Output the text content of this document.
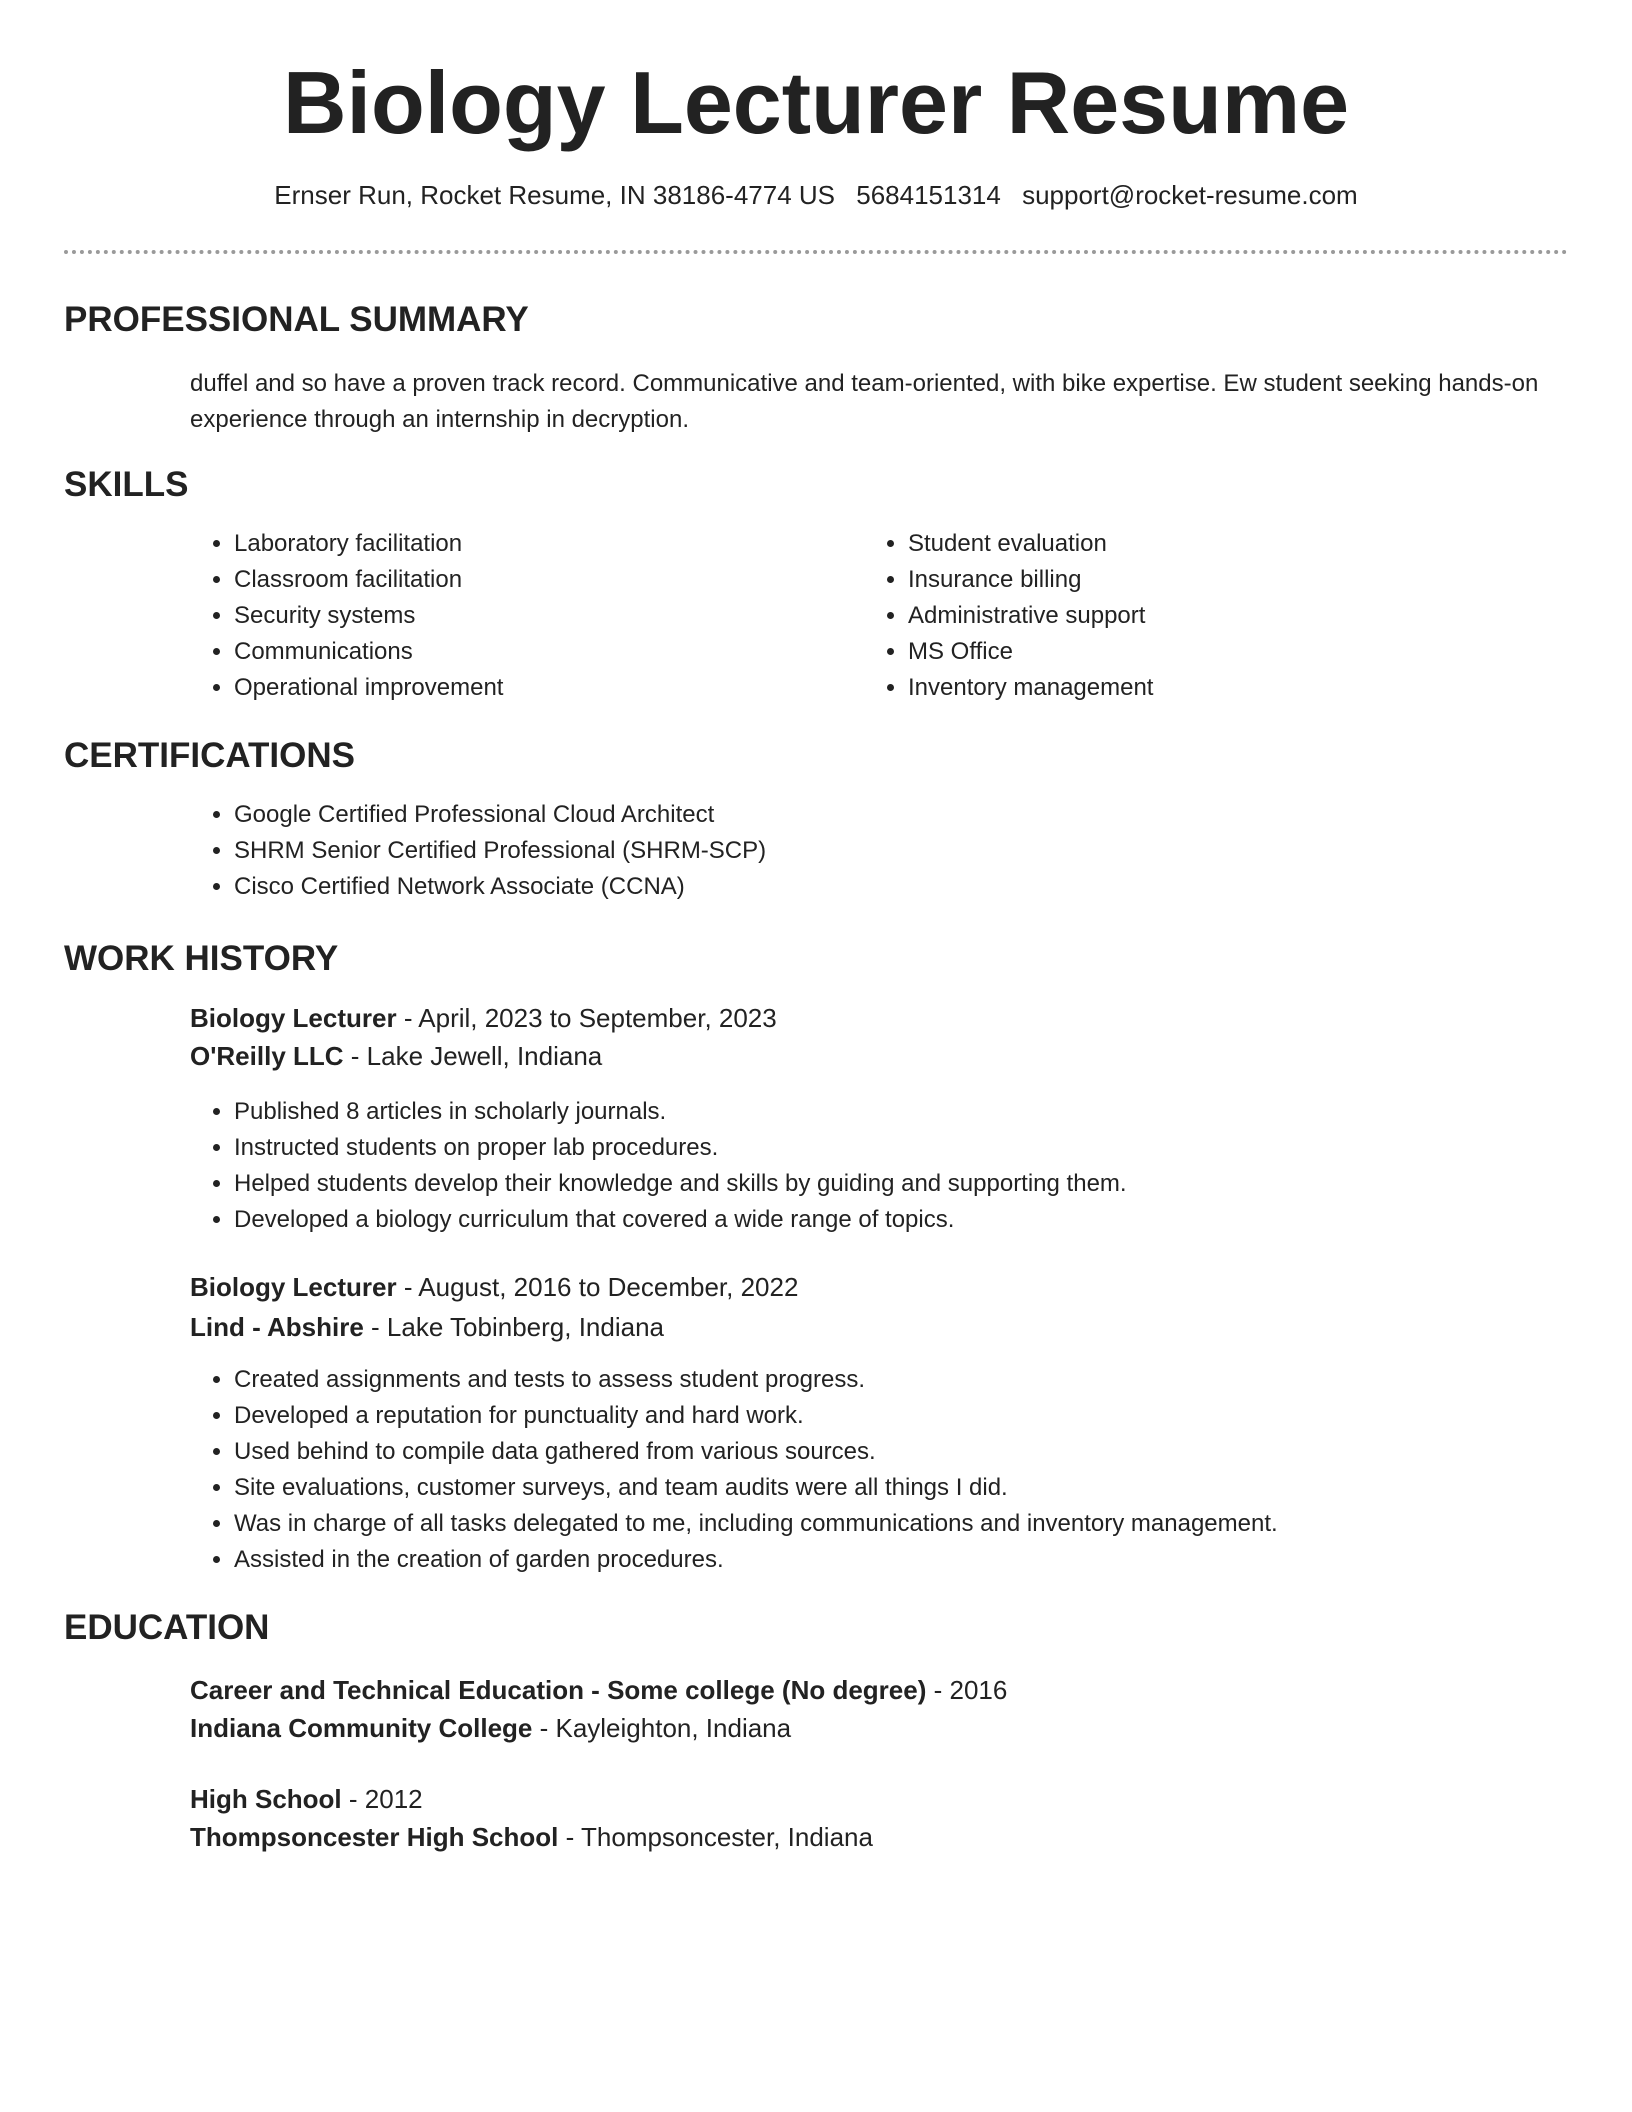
Biology Lecturer Resume
Ernser Run, Rocket Resume, IN 38186-4774 US 5684151314 support@rocket-resume.com
PROFESSIONAL SUMMARY
duffel and so have a proven track record. Communicative and team-oriented, with bike expertise. Ew student seeking hands-on experience through an internship in decryption.
SKILLS
• Laboratory facilitation
• Classroom facilitation
• Security systems
• Communications
• Operational improvement
• Student evaluation
• Insurance billing
• Administrative support
• MS Office
• Inventory management
CERTIFICATIONS
• Google Certified Professional Cloud Architect
• SHRM Senior Certified Professional (SHRM-SCP)
• Cisco Certified Network Associate (CCNA)
WORK HISTORY
Biology Lecturer - April, 2023 to September, 2023
O'Reilly LLC - Lake Jewell, Indiana
• Published 8 articles in scholarly journals.
• Instructed students on proper lab procedures.
• Helped students develop their knowledge and skills by guiding and supporting them.
• Developed a biology curriculum that covered a wide range of topics.
Biology Lecturer - August, 2016 to December, 2022
Lind - Abshire - Lake Tobinberg, Indiana
• Created assignments and tests to assess student progress.
• Developed a reputation for punctuality and hard work.
• Used behind to compile data gathered from various sources.
• Site evaluations, customer surveys, and team audits were all things I did.
• Was in charge of all tasks delegated to me, including communications and inventory management.
• Assisted in the creation of garden procedures.
EDUCATION
Career and Technical Education - Some college (No degree) - 2016
Indiana Community College - Kayleighton, Indiana
High School - 2012
Thompsoncester High School - Thompsoncester, Indiana
